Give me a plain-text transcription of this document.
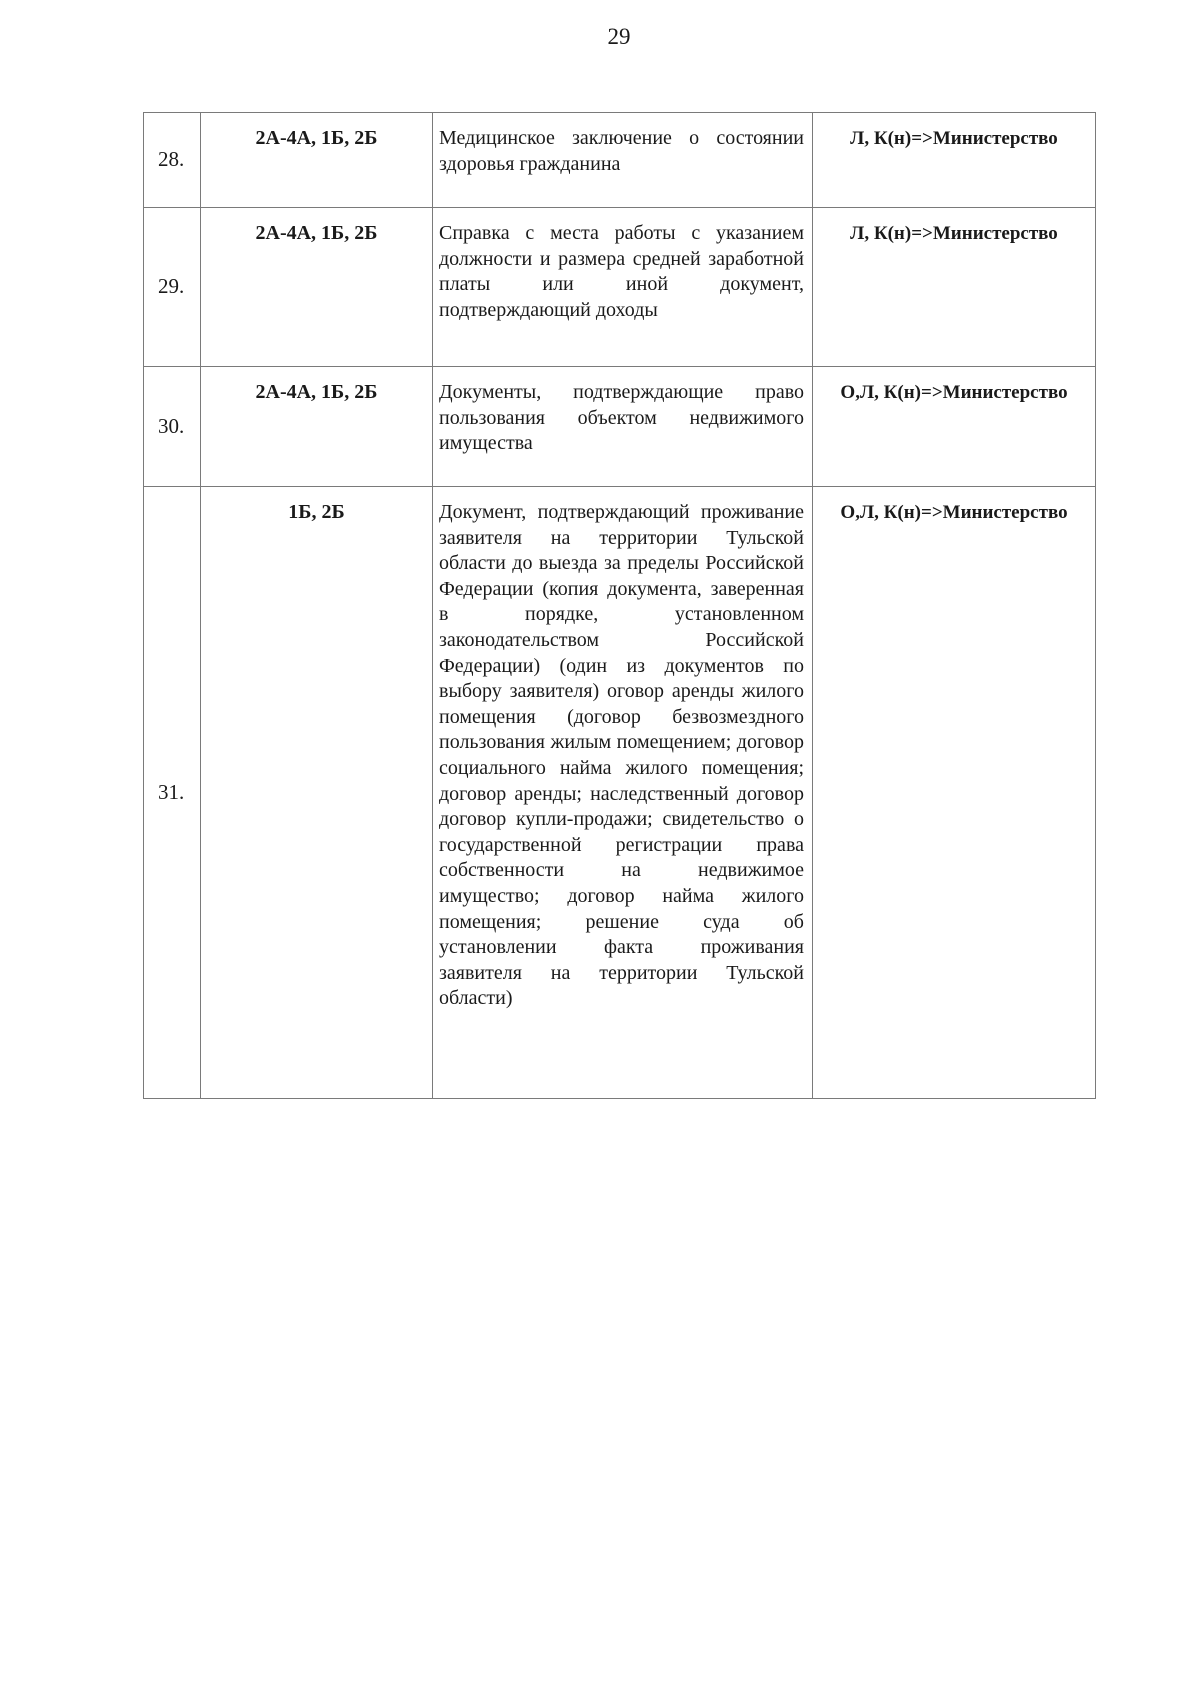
29
28.	2А-4А, 1Б, 2Б	Медицинское заключение о состоянии здоровья гражданина	Л, К(н)=>Министерство
29.	2А-4А, 1Б, 2Б	Справка с места работы с указанием должности и размера средней заработной платы или иной документ, подтверждающий доходы	Л, К(н)=>Министерство
30.	2А-4А, 1Б, 2Б	Документы, подтверждающие право пользования объектом недвижимого имущества	О,Л, К(н)=>Министерство
31.	1Б, 2Б	Документ, подтверждающий проживание заявителя на территории Тульской области до выезда за пределы Российской Федерации (копия документа, заверенная в порядке, установленном законодательством Российской Федерации) (один из документов по выбору заявителя) оговор аренды жилого помещения (договор безвозмездного пользования жилым помещением; договор социального найма жилого помещения; договор аренды; наследственный договор договор купли-продажи; свидетельство о государственной регистрации права собственности на недвижимое имущество; договор найма жилого помещения; решение суда об установлении факта проживания заявителя на территории Тульской области)	О,Л, К(н)=>Министерство
